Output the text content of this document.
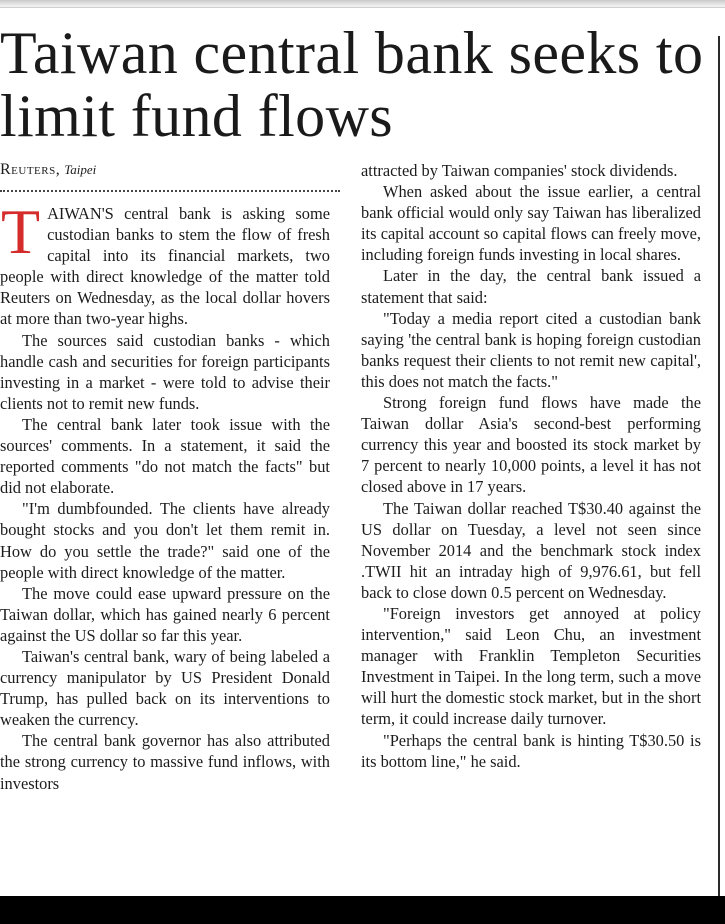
Taiwan central bank seeks to limit fund flows
Reuters, Taipei

TAIWAN'S central bank is asking some custodian banks to stem the flow of fresh capital into its financial markets, two people with direct knowledge of the matter told Reuters on Wednesday, as the local dollar hovers at more than two-year highs.

The sources said custodian banks - which handle cash and securities for foreign participants investing in a market - were told to advise their clients not to remit new funds.

The central bank later took issue with the sources' comments. In a statement, it said the reported comments "do not match the facts" but did not elaborate.

"I'm dumbfounded. The clients have already bought stocks and you don't let them remit in. How do you settle the trade?" said one of the people with direct knowledge of the matter.

The move could ease upward pressure on the Taiwan dollar, which has gained nearly 6 percent against the US dollar so far this year.

Taiwan's central bank, wary of being labeled a currency manipulator by US President Donald Trump, has pulled back on its interventions to weaken the currency.

The central bank governor has also attributed the strong currency to massive fund inflows, with investors

attracted by Taiwan companies' stock dividends.

When asked about the issue earlier, a central bank official would only say Taiwan has liberalized its capital account so capital flows can freely move, including foreign funds investing in local shares.

Later in the day, the central bank issued a statement that said:

"Today a media report cited a custodian bank saying 'the central bank is hoping foreign custodian banks request their clients to not remit new capital', this does not match the facts."

Strong foreign fund flows have made the Taiwan dollar Asia's second-best performing currency this year and boosted its stock market by 7 percent to nearly 10,000 points, a level it has not closed above in 17 years.

The Taiwan dollar reached T$30.40 against the US dollar on Tuesday, a level not seen since November 2014 and the benchmark stock index .TWII hit an intraday high of 9,976.61, but fell back to close down 0.5 percent on Wednesday.

"Foreign investors get annoyed at policy intervention," said Leon Chu, an investment manager with Franklin Templeton Securities Investment in Taipei. In the long term, such a move will hurt the domestic stock market, but in the short term, it could increase daily turnover.

"Perhaps the central bank is hinting T$30.50 is its bottom line," he said.
